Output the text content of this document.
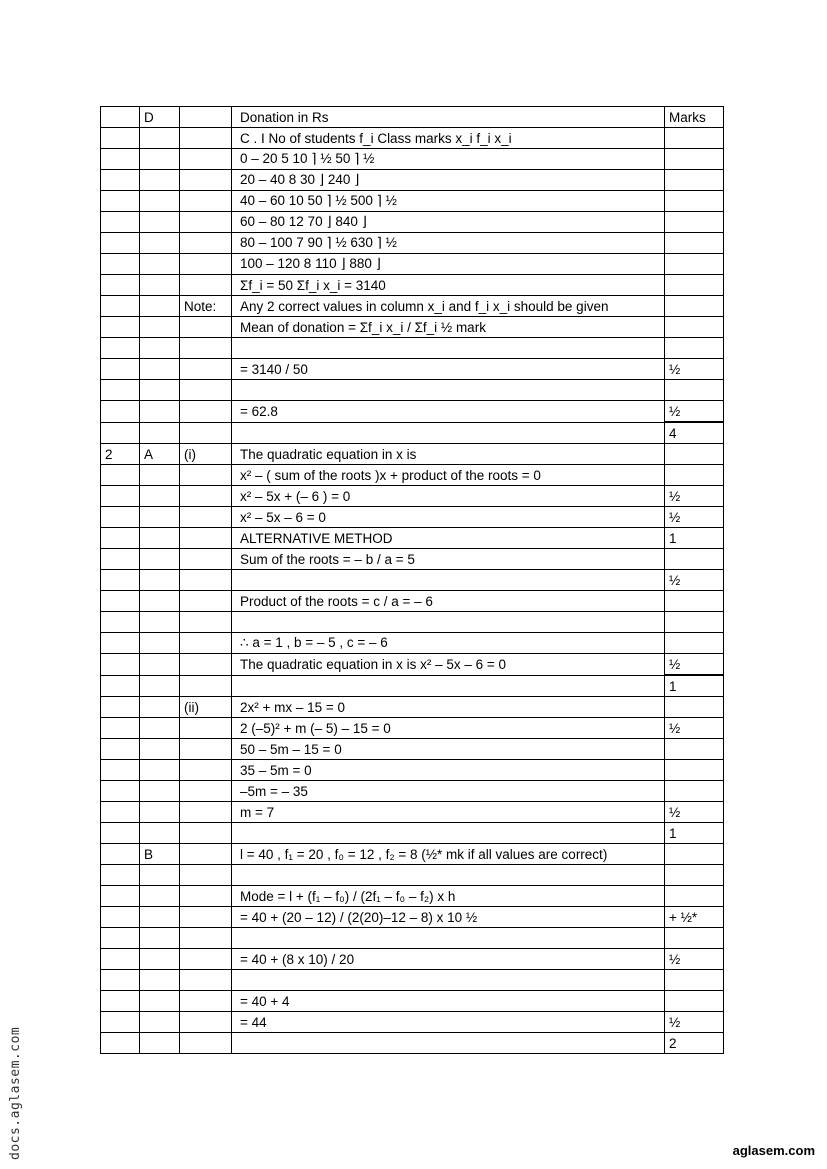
	D		Donation in Rs	Marks
			C . I No of students f_i Class marks x_i f_i x_i	
			0 – 20 5 10 ⌉ ½ 50 ⌉ ½	
			20 – 40 8 30 ⌋ 240 ⌋	
			40 – 60 10 50 ⌉ ½ 500 ⌉ ½	
			60 – 80 12 70 ⌋ 840 ⌋	
			80 – 100 7 90 ⌉ ½ 630 ⌉ ½	
			100 – 120 8 110 ⌋ 880 ⌋	
			Σf_i = 50 Σf_i x_i = 3140	
		Note:	Any 2 correct values in column x_i and f_i x_i should be given	
			Mean of donation = Σf_i x_i / Σf_i ½ mark	

			= 3140 / 50	½

			= 62.8	½
				4
2	A	(i)	The quadratic equation in x is	
			x² – ( sum of the roots )x + product of the roots = 0	
			x² – 5x + (– 6 ) = 0	½
			x² – 5x – 6 = 0	½
			ALTERNATIVE METHOD	1
			Sum of the roots = – b / a = 5	
				½
			Product of the roots = c / a = – 6	

			∴ a = 1 , b = – 5 , c = – 6	
			The quadratic equation in x is x² – 5x – 6 = 0	½
				1
		(ii)	2x² + mx – 15 = 0	
			2 (–5)² + m (– 5) – 15 = 0	½
			50 – 5m – 15 = 0	
			35 – 5m = 0	
			–5m = – 35	
			m = 7	½
				1
	B		l = 40 , f₁ = 20 , f₀ = 12 , f₂ = 8 (½* mk if all values are correct)	

			Mode = l + (f₁ – f₀) / (2f₁ – f₀ – f₂) x h	
			= 40 + (20 – 12) / (2(20)–12 – 8) x 10 ½	+ ½*

			= 40 + (8 x 10) / 20	½

			= 40 + 4	
			= 44	½
				2
docs.aglasem.com	aglasem.com
